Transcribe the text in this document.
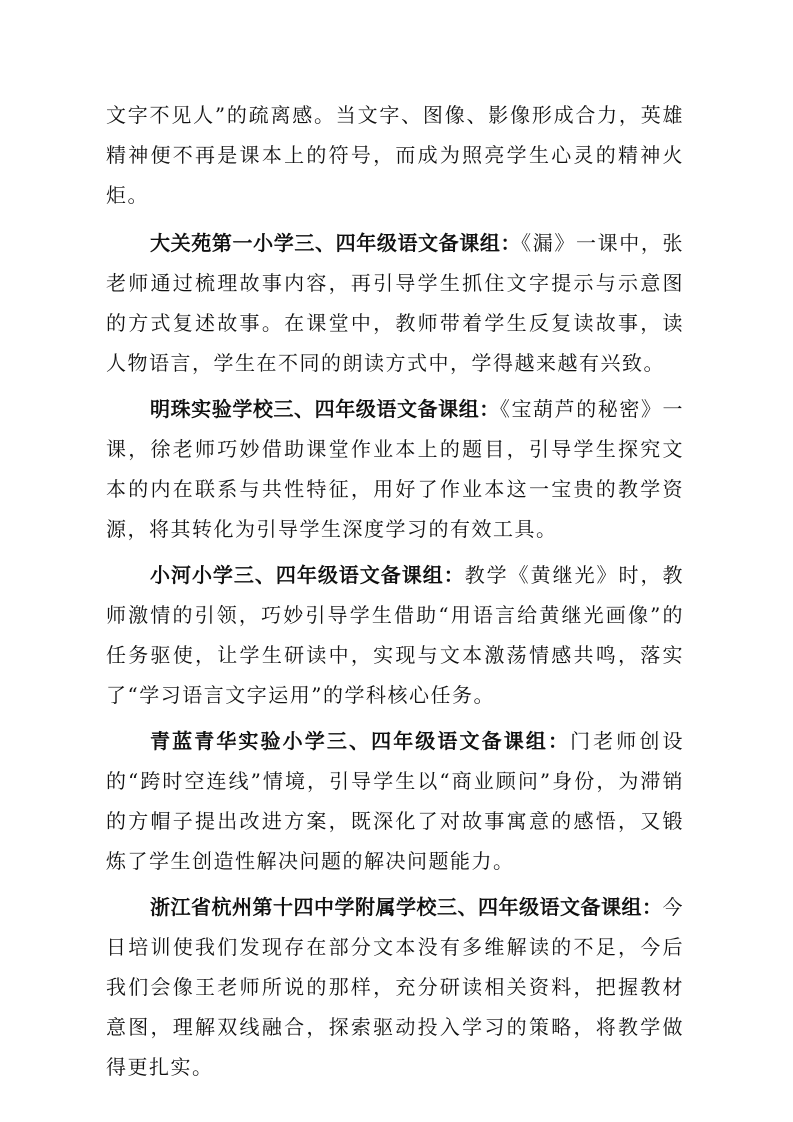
文字不见人”的疏离感。当文字、图像、影像形成合力，英雄精神便不再是课本上的符号，而成为照亮学生心灵的精神火炬。

大关苑第一小学三、四年级语文备课组：《漏》一课中，张老师通过梳理故事内容，再引导学生抓住文字提示与示意图的方式复述故事。在课堂中，教师带着学生反复读故事，读人物语言，学生在不同的朗读方式中，学得越来越有兴致。

明珠实验学校三、四年级语文备课组：《宝葫芦的秘密》一课，徐老师巧妙借助课堂作业本上的题目，引导学生探究文本的内在联系与共性特征，用好了作业本这一宝贵的教学资源，将其转化为引导学生深度学习的有效工具。

小河小学三、四年级语文备课组：教学《黄继光》时，教师激情的引领，巧妙引导学生借助“用语言给黄继光画像”的任务驱使，让学生研读中，实现与文本激荡情感共鸣，落实了“学习语言文字运用”的学科核心任务。

青蓝青华实验小学三、四年级语文备课组：门老师创设的“跨时空连线”情境，引导学生以“商业顾问”身份，为滞销的方帽子提出改进方案，既深化了对故事寓意的感悟，又锻炼了学生创造性解决问题的解决问题能力。

浙江省杭州第十四中学附属学校三、四年级语文备课组：今日培训使我们发现存在部分文本没有多维解读的不足，今后我们会像王老师所说的那样，充分研读相关资料，把握教材意图，理解双线融合，探索驱动投入学习的策略，将教学做得更扎实。
